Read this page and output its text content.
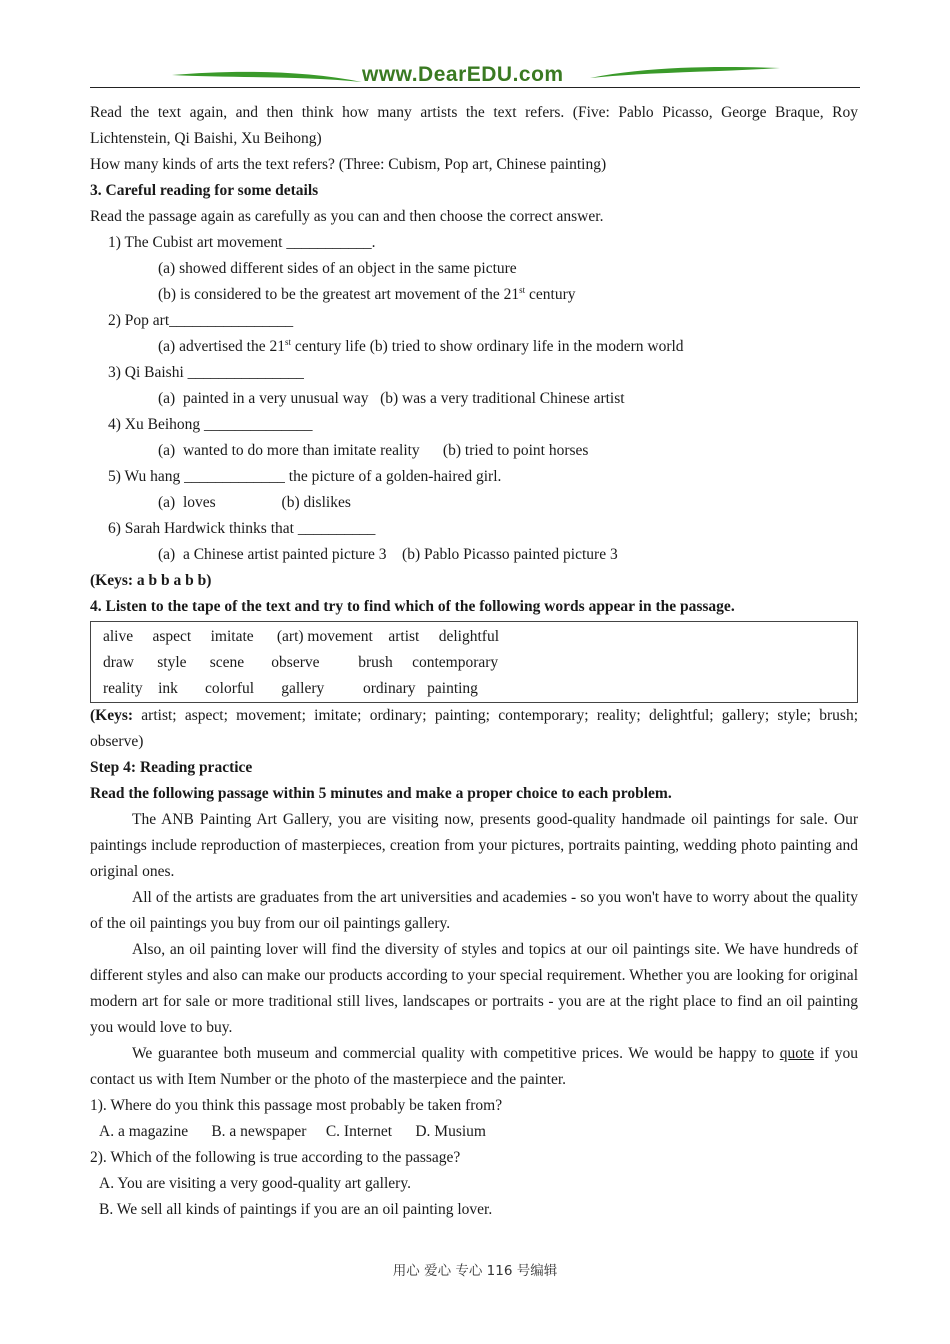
www.DearEDU.com

Read the text again, and then think how many artists the text refers. (Five: Pablo Picasso, George Braque, Roy Lichtenstein, Qi Baishi, Xu Beihong)

How many kinds of arts the text refers? (Three: Cubism, Pop art, Chinese painting)

3. Careful reading for some details

Read the passage again as carefully as you can and then choose the correct answer.

1) The Cubist art movement ___________.

(a) showed different sides of an object in the same picture

(b) is considered to be the greatest art movement of the 21st century

2) Pop art________________

(a) advertised the 21st century life (b) tried to show ordinary life in the modern world

3) Qi Baishi _______________

(a)  painted in a very unusual way   (b) was a very traditional Chinese artist

4) Xu Beihong ______________

(a)  wanted to do more than imitate reality      (b) tried to point horses

5) Wu hang _____________ the picture of a golden-haired girl.

(a)  loves                 (b) dislikes

6) Sarah Hardwick thinks that __________

(a)  a Chinese artist painted picture 3    (b) Pablo Picasso painted picture 3

(Keys: a b b a b b)

4. Listen to the tape of the text and try to find which of the following words appear in the passage.

alive     aspect     imitate      (art) movement    artist     delightful
draw      style      scene       observe          brush     contemporary
reality    ink       colorful       gallery          ordinary   painting

(Keys: artist; aspect; movement; imitate; ordinary; painting; contemporary; reality; delightful; gallery; style; brush; observe)

Step 4: Reading practice

Read the following passage within 5 minutes and make a proper choice to each problem.

The ANB Painting Art Gallery, you are visiting now, presents good-quality handmade oil paintings for sale. Our paintings include reproduction of masterpieces, creation from your pictures, portraits painting, wedding photo painting and original ones.

All of the artists are graduates from the art universities and academies - so you won't have to worry about the quality of the oil paintings you buy from our oil paintings gallery.

Also, an oil painting lover will find the diversity of styles and topics at our oil paintings site. We have hundreds of different styles and also can make our products according to your special requirement. Whether you are looking for original modern art for sale or more traditional still lives, landscapes or portraits - you are at the right place to find an oil painting you would love to buy.

We guarantee both museum and commercial quality with competitive prices. We would be happy to quote if you contact us with Item Number or the photo of the masterpiece and the painter.

1). Where do you think this passage most probably be taken from?

A. a magazine      B. a newspaper     C. Internet      D. Musium

2). Which of the following is true according to the passage?

A. You are visiting a very good-quality art gallery.

B. We sell all kinds of paintings if you are an oil painting lover.

用心 爱心 专心 116 号编辑
